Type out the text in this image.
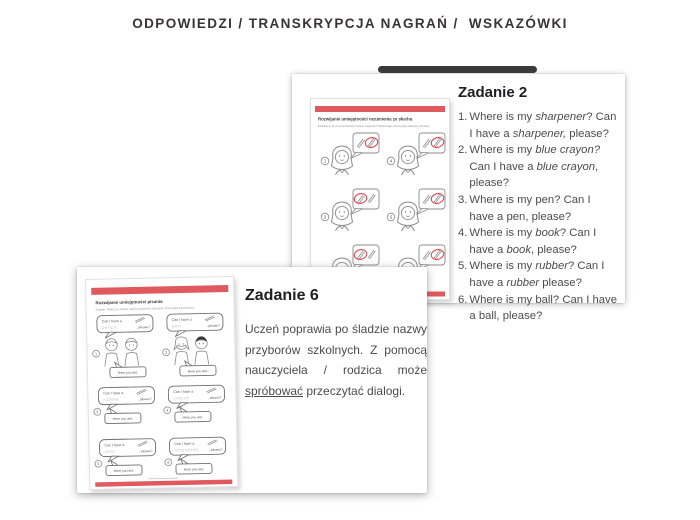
ODPOWIEDZI / TRANSKRYPCJA NAGRAŃ /  WSKAZÓWKI
Rozwijanie umiejętności rozumienia ze słuchu
Zadanie 2: O co prosi dziewczynka w nagraniu? Wysłuchaj i otocz pętlą właściwy obrazek.
1
2
4
5
Zadanie 2
1. Where is my sharpener? Can I have a sharpener, please?
2. Where is my blue crayon? Can I have a blue crayon, please?
3. Where is my pen? Can I have a pen, please?
4. Where is my book? Can I have a book, please?
5. Where is my rubber? Can I have a rubber please?
6. Where is my ball? Can I have a ball, please?
Rozwijanie umiejętności pisania
Zadanie: Wpisz po śladzie nazwy przyborów szkolnych. Przeczytaj lub powiedz.
Can I have a
pencil	, please?
1
Here you are.
Can I have a
pen	, please?
2
Here you are.
Can I have a
rubber	, please?
3
Here you are.
Can I have a
crayon	, please?
4
Here you are.
Can I have a
ruler	, please?
5
Here you are.
Can I have a
sharpener	, please?
6
Here you are.
Zadanie 6

Uczeń poprawia po śladzie nazwy przyborów szkolnych. Z pomocą nauczyciela / rodzica może spróbować przeczytać dialogi.
